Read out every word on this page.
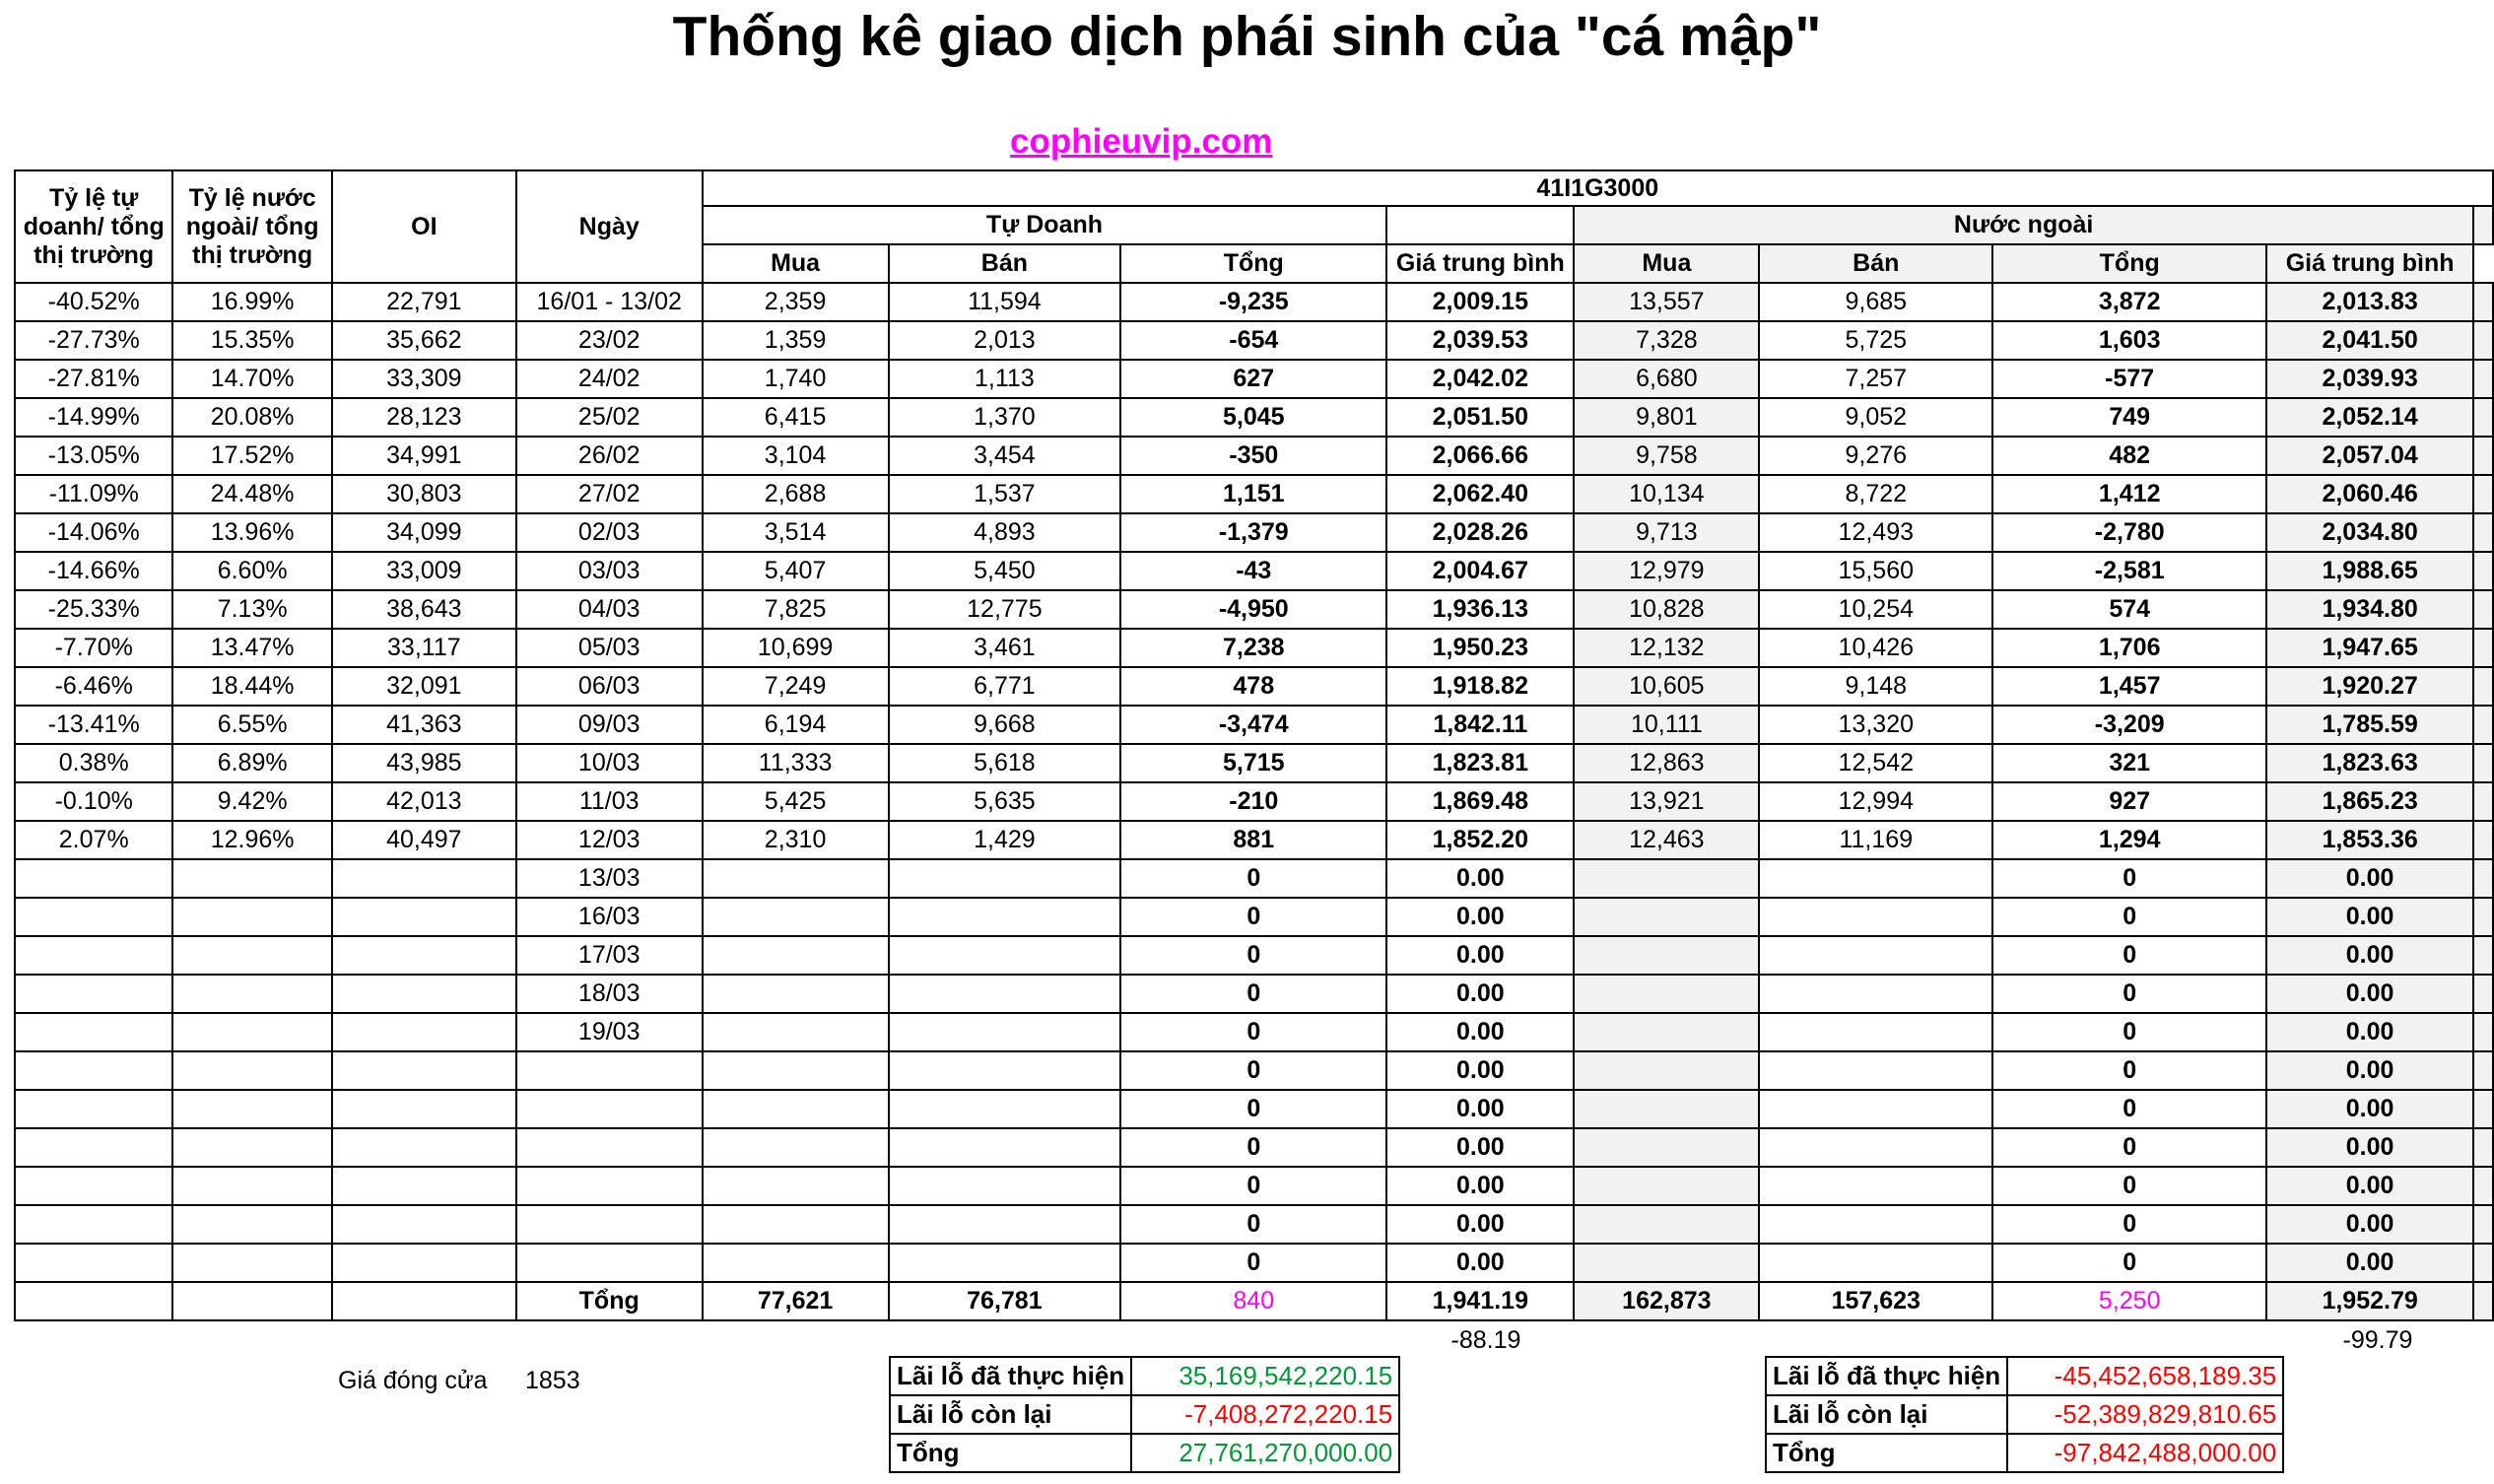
Thống kê giao dịch phái sinh của "cá mập"
cophieuvip.com
Tỷ lệ tự doanh/ tổng thị trường	Tỷ lệ nước ngoài/ tổng thị trường	OI	Ngày	41I1G3000								
				Tự Doanh				Nước ngoài				
				Mua	Bán	Tổng	Giá trung bình	Mua	Bán	Tổng	Giá trung bình	
-40.52%	16.99%	22,791	16/01 - 13/02	2,359	11,594	-9,235	2,009.15	13,557	9,685	3,872	2,013.83	
-27.73%	15.35%	35,662	23/02	1,359	2,013	-654	2,039.53	7,328	5,725	1,603	2,041.50	
-27.81%	14.70%	33,309	24/02	1,740	1,113	627	2,042.02	6,680	7,257	-577	2,039.93	
-14.99%	20.08%	28,123	25/02	6,415	1,370	5,045	2,051.50	9,801	9,052	749	2,052.14	
-13.05%	17.52%	34,991	26/02	3,104	3,454	-350	2,066.66	9,758	9,276	482	2,057.04	
-11.09%	24.48%	30,803	27/02	2,688	1,537	1,151	2,062.40	10,134	8,722	1,412	2,060.46	
-14.06%	13.96%	34,099	02/03	3,514	4,893	-1,379	2,028.26	9,713	12,493	-2,780	2,034.80	
-14.66%	6.60%	33,009	03/03	5,407	5,450	-43	2,004.67	12,979	15,560	-2,581	1,988.65	
-25.33%	7.13%	38,643	04/03	7,825	12,775	-4,950	1,936.13	10,828	10,254	574	1,934.80	
-7.70%	13.47%	33,117	05/03	10,699	3,461	7,238	1,950.23	12,132	10,426	1,706	1,947.65	
-6.46%	18.44%	32,091	06/03	7,249	6,771	478	1,918.82	10,605	9,148	1,457	1,920.27	
-13.41%	6.55%	41,363	09/03	6,194	9,668	-3,474	1,842.11	10,111	13,320	-3,209	1,785.59	
0.38%	6.89%	43,985	10/03	11,333	5,618	5,715	1,823.81	12,863	12,542	321	1,823.63	
-0.10%	9.42%	42,013	11/03	5,425	5,635	-210	1,869.48	13,921	12,994	927	1,865.23	
2.07%	12.96%	40,497	12/03	2,310	1,429	881	1,852.20	12,463	11,169	1,294	1,853.36	
			13/03			0	0.00			0	0.00	
			16/03			0	0.00			0	0.00	
			17/03			0	0.00			0	0.00	
			18/03			0	0.00			0	0.00	
			19/03			0	0.00			0	0.00	
						0	0.00			0	0.00	
						0	0.00			0	0.00	
						0	0.00			0	0.00	
						0	0.00			0	0.00	
						0	0.00			0	0.00	
						0	0.00			0	0.00	
			Tổng	77,621	76,781	840	1,941.19	162,873	157,623	5,250	1,952.79	
-88.19	-99.79
Giá đóng cửa 1853	Lãi lỗ đã thực hiện	35,169,542,220.15
Lãi lỗ còn lại	-7,408,272,220.15
Tổng	27,761,270,000.00
Lãi lỗ đã thực hiện	-45,452,658,189.35
Lãi lỗ còn lại	-52,389,829,810.65
Tổng	-97,842,488,000.00
